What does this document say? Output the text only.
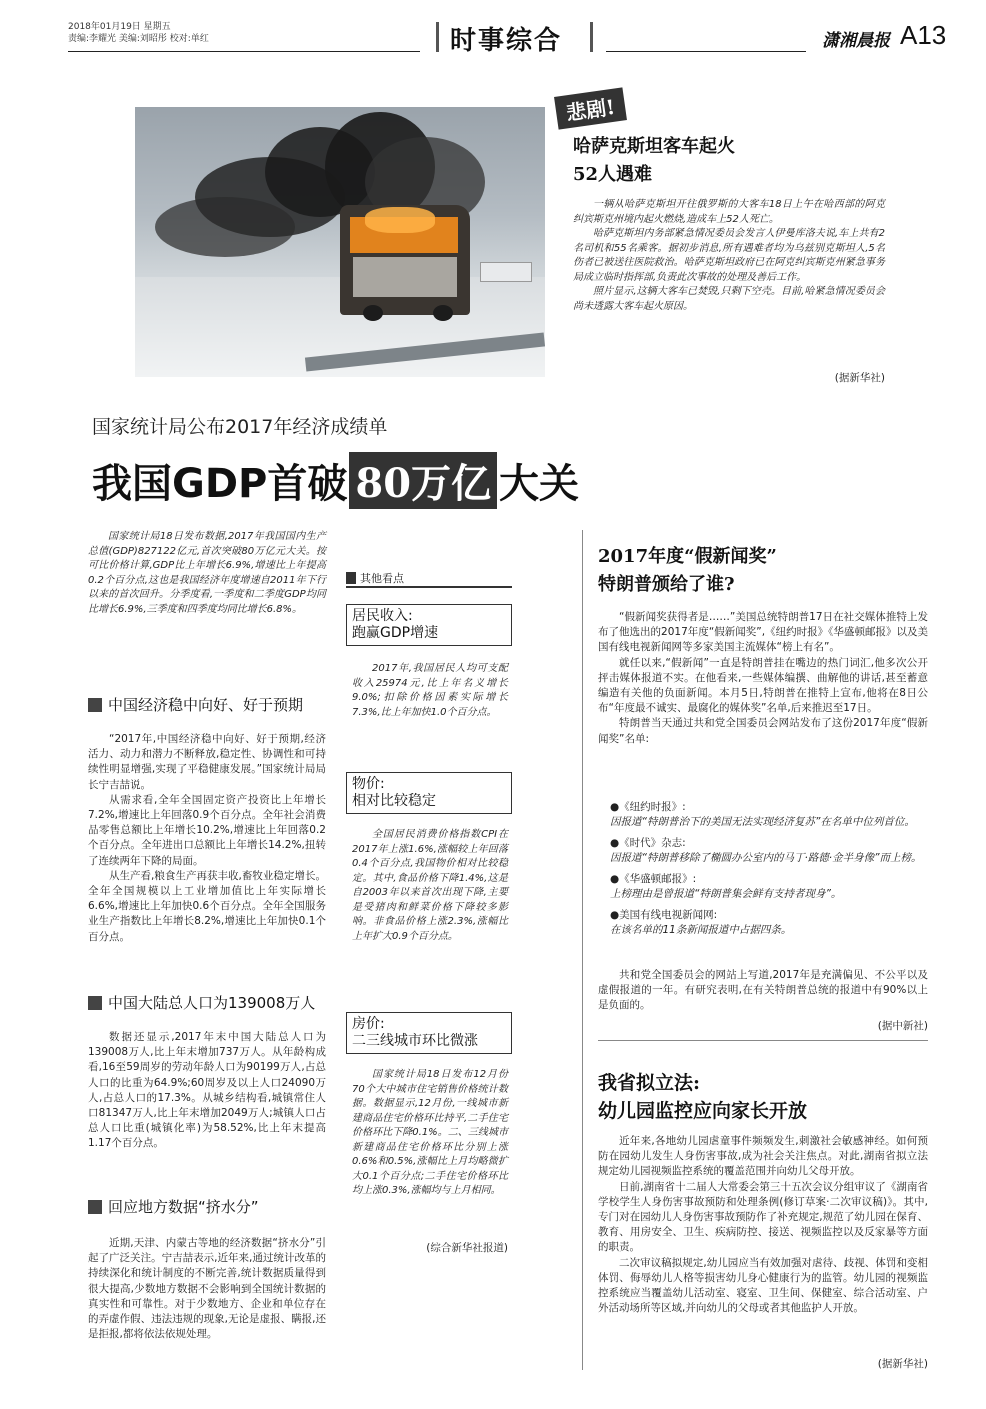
2018年01月19日 星期五
责编:李耀光 美编:刘昭彤 校对:单红	时事综合	潇湘晨报 A13
悲剧!
哈萨克斯坦客车起火
52人遇难

一辆从哈萨克斯坦开往俄罗斯的大客车18日上午在哈西部的阿克纠宾斯克州境内起火燃烧,造成车上52人死亡。

哈萨克斯坦内务部紧急情况委员会发言人伊曼库洛夫说,车上共有2名司机和55名乘客。据初步消息,所有遇难者均为乌兹别克斯坦人,5名伤者已被送往医院救治。哈萨克斯坦政府已在阿克纠宾斯克州紧急事务局成立临时指挥部,负责此次事故的处理及善后工作。

照片显示,这辆大客车已焚毁,只剩下空壳。目前,哈紧急情况委员会尚未透露大客车起火原因。

(据新华社)
国家统计局公布2017年经济成绩单
我国GDP首破 80万亿 大关

国家统计局18日发布数据,2017年我国国内生产总值(GDP)827122亿元,首次突破80万亿元大关。按可比价格计算,GDP比上年增长6.9%,增速比上年提高0.2个百分点,这也是我国经济年度增速自2011年下行以来的首次回升。分季度看,一季度和二季度GDP均同比增长6.9%,三季度和四季度均同比增长6.8%。

中国经济稳中向好、好于预期

“2017年,中国经济稳中向好、好于预期,经济活力、动力和潜力不断释放,稳定性、协调性和可持续性明显增强,实现了平稳健康发展。”国家统计局局长宁吉喆说。

从需求看,全年全国固定资产投资比上年增长7.2%,增速比上年回落0.9个百分点。全年社会消费品零售总额比上年增长10.2%,增速比上年回落0.2个百分点。全年进出口总额比上年增长14.2%,扭转了连续两年下降的局面。

从生产看,粮食生产再获丰收,畜牧业稳定增长。全年全国规模以上工业增加值比上年实际增长6.6%,增速比上年加快0.6个百分点。全年全国服务业生产指数比上年增长8.2%,增速比上年加快0.1个百分点。

中国大陆总人口为139008万人

数据还显示,2017年末中国大陆总人口为139008万人,比上年末增加737万人。从年龄构成看,16至59周岁的劳动年龄人口为90199万人,占总人口的比重为64.9%;60周岁及以上人口24090万人,占总人口的17.3%。从城乡结构看,城镇常住人口81347万人,比上年末增加2049万人;城镇人口占总人口比重(城镇化率)为58.52%,比上年末提高1.17个百分点。

回应地方数据“挤水分”

近期,天津、内蒙古等地的经济数据“挤水分”引起了广泛关注。宁吉喆表示,近年来,通过统计改革的持续深化和统计制度的不断完善,统计数据质量得到很大提高,少数地方数据不会影响到全国统计数据的真实性和可靠性。对于少数地方、企业和单位存在的弄虚作假、违法违规的现象,无论是虚报、瞒报,还是拒报,都将依法依规处理。

其他看点
居民收入:
跑赢GDP增速

2017年,我国居民人均可支配收入25974元,比上年名义增长9.0%;扣除价格因素实际增长7.3%,比上年加快1.0个百分点。

物价:
相对比较稳定

全国居民消费价格指数CPI在2017年上涨1.6%,涨幅较上年回落0.4个百分点,我国物价相对比较稳定。其中,食品价格下降1.4%,这是自2003年以来首次出现下降,主要是受猪肉和鲜菜价格下降较多影响。非食品价格上涨2.3%,涨幅比上年扩大0.9个百分点。

房价:
二三线城市环比微涨

国家统计局18日发布12月份70个大中城市住宅销售价格统计数据。数据显示,12月份,一线城市新建商品住宅价格环比持平,二手住宅价格环比下降0.1%。二、三线城市新建商品住宅价格环比分别上涨0.6%和0.5%,涨幅比上月均略微扩大0.1个百分点;二手住宅价格环比均上涨0.3%,涨幅均与上月相同。

(综合新华社报道)
2017年度“假新闻奖”
特朗普颁给了谁?

“假新闻奖获得者是……”美国总统特朗普17日在社交媒体推特上发布了他选出的2017年度“假新闻奖”,《纽约时报》《华盛顿邮报》以及美国有线电视新闻网等多家美国主流媒体“榜上有名”。

就任以来,“假新闻”一直是特朗普挂在嘴边的热门词汇,他多次公开抨击媒体报道不实。在他看来,一些媒体编撰、曲解他的讲话,甚至蓄意编造有关他的负面新闻。本月5日,特朗普在推特上宣布,他将在8日公布“年度最不诚实、最腐化的媒体奖”名单,后来推迟至17日。

特朗普当天通过共和党全国委员会网站发布了这份2017年度“假新闻奖”名单:

●《纽约时报》:
因报道“特朗普治下的美国无法实现经济复苏”在名单中位列首位。
●《时代》杂志:
因报道“特朗普移除了椭圆办公室内的马丁·路德·金半身像”而上榜。
●《华盛顿邮报》:
上榜理由是曾报道“特朗普集会鲜有支持者现身”。
●美国有线电视新闻网:
在该名单的11条新闻报道中占据四条。

共和党全国委员会的网站上写道,2017年是充满偏见、不公平以及虚假报道的一年。有研究表明,在有关特朗普总统的报道中有90%以上是负面的。

(据中新社)
我省拟立法:
幼儿园监控应向家长开放

近年来,各地幼儿园虐童事件频频发生,刺激社会敏感神经。如何预防在园幼儿发生人身伤害事故,成为社会关注焦点。对此,湖南省拟立法规定幼儿园视频监控系统的覆盖范围并向幼儿父母开放。

日前,湖南省十二届人大常委会第三十五次会议分组审议了《湖南省学校学生人身伤害事故预防和处理条例(修订草案·二次审议稿)》。其中,专门对在园幼儿人身伤害事故预防作了补充规定,规范了幼儿园在保育、教育、用房安全、卫生、疾病防控、接送、视频监控以及反家暴等方面的职责。

二次审议稿拟规定,幼儿园应当有效加强对虐待、歧视、体罚和变相体罚、侮辱幼儿人格等损害幼儿身心健康行为的监管。幼儿园的视频监控系统应当覆盖幼儿活动室、寝室、卫生间、保健室、综合活动室、户外活动场所等区域,并向幼儿的父母或者其他监护人开放。

(据新华社)
